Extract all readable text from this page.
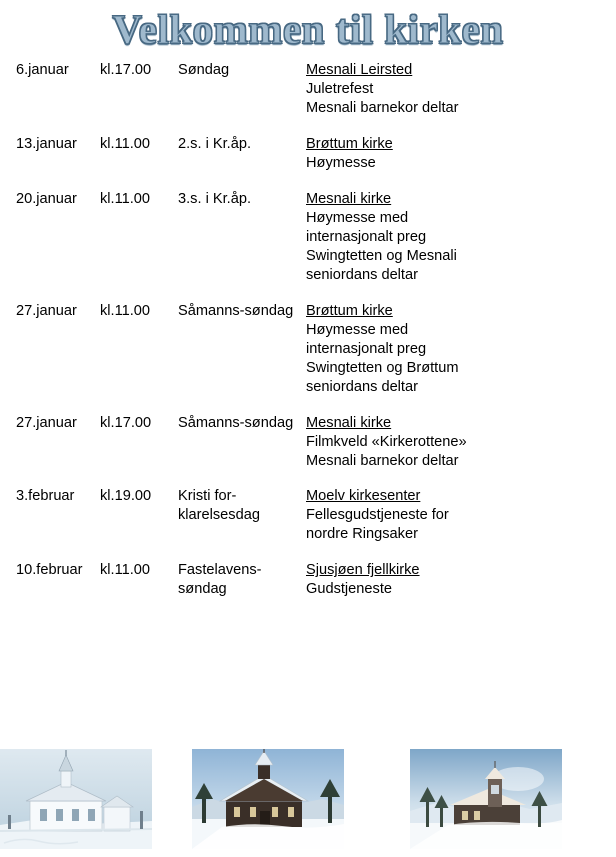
Velkommen til kirken
6.januar	kl.17.00	Søndag	Mesnali Leirsted
Juletrefest
Mesnali barnekor deltar

13.januar	kl.11.00	2.s. i Kr.åp.	Brøttum kirke
Høymesse

20.januar	kl.11.00	3.s. i Kr.åp.	Mesnali kirke
Høymesse med
internasjonalt preg
Swingtetten og Mesnali
seniordans deltar

27.januar	kl.11.00	Såmanns-søndag	Brøttum kirke
Høymesse med
internasjonalt preg
Swingtetten og Brøttum
seniordans deltar

27.januar	kl.17.00	Såmanns-søndag	Mesnali kirke
Filmkveld «Kirkerottene»
Mesnali barnekor deltar

3.februar	kl.19.00	Kristi for-klarelsesdag	Moelv kirkesenter
Fellesgudstjeneste for
nordre Ringsaker

10.februar	kl.11.00	Fastelavens-søndag	Sjusjøen fjellkirke
Gudstjeneste
